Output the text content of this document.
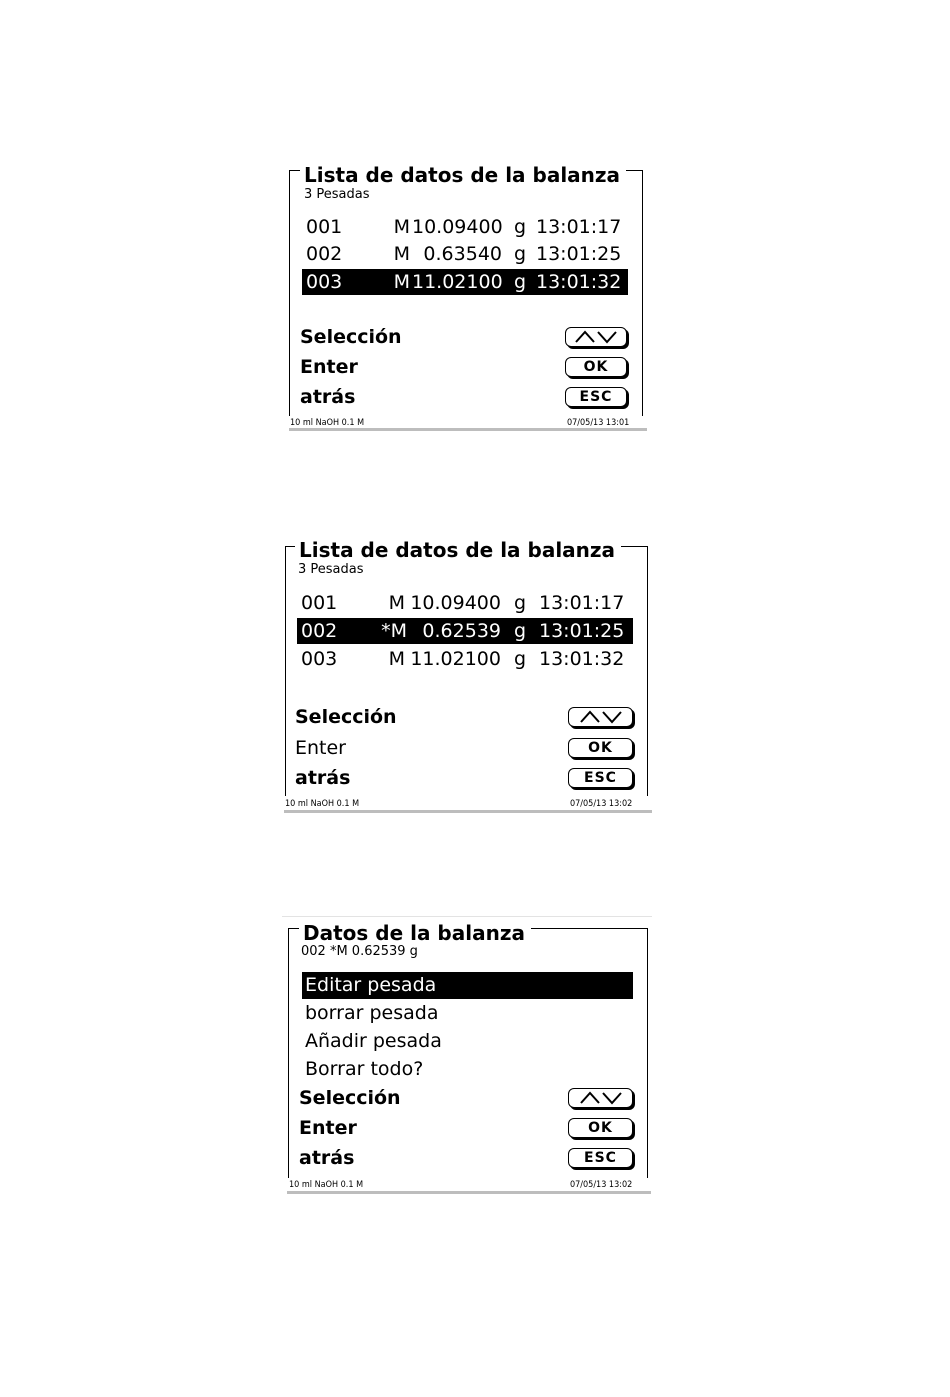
Lista de datos de la balanza
3 Pesadas
001	M 10.09400 g 13:01:17
002	M 0.63540 g 13:01:25
003	M 11.02100 g 13:01:32
Selección
Enter
atrás
OK
ESC
10 ml NaOH 0.1 M	07/05/13 13:01
Lista de datos de la balanza
3 Pesadas
001	M 10.09400 g 13:01:17
002	*M 0.62539 g 13:01:25
003	M 11.02100 g 13:01:32
Selección
Enter
atrás
OK
ESC
10 ml NaOH 0.1 M	07/05/13 13:02
Datos de la balanza
002 *M 0.62539 g
Editar pesada
borrar pesada
Añadir pesada
Borrar todo?
Selección
Enter
atrás
OK
ESC
10 ml NaOH 0.1 M	07/05/13 13:02
